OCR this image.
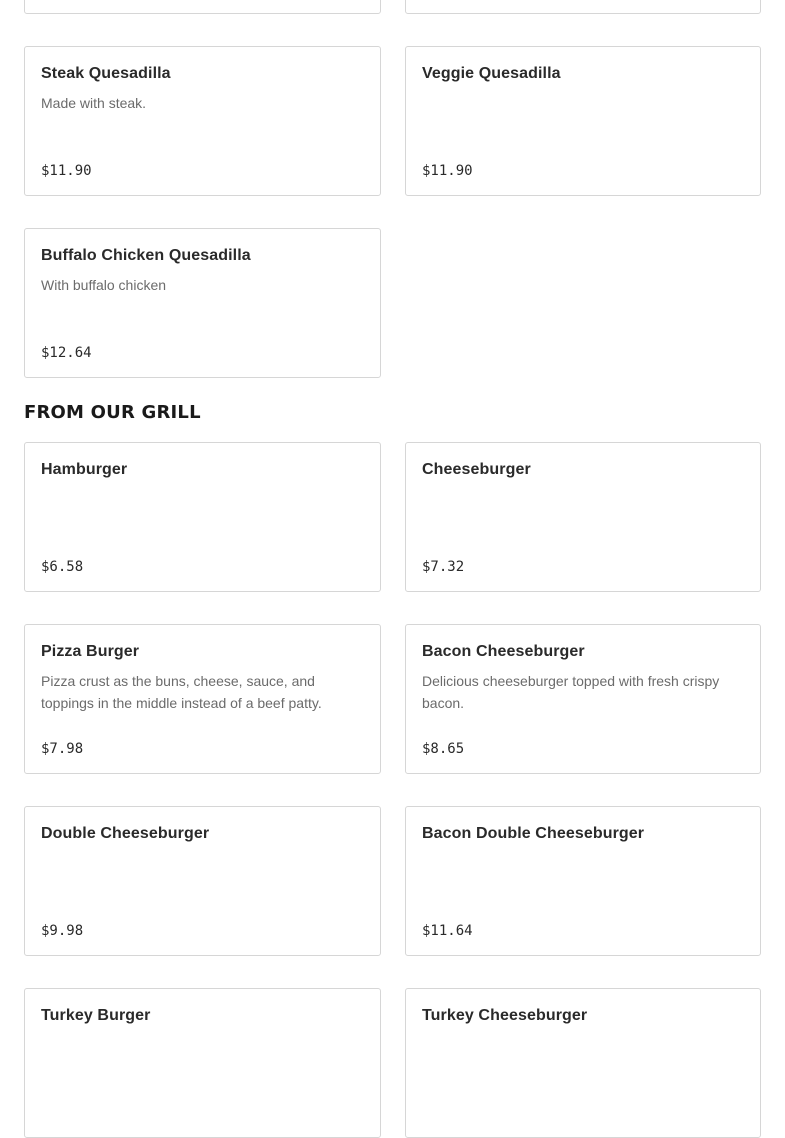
Steak Quesadilla
Made with steak.
$11.90
Veggie Quesadilla
$11.90
Buffalo Chicken Quesadilla
With buffalo chicken
$12.64
FROM OUR GRILL
Hamburger
$6.58
Cheeseburger
$7.32
Pizza Burger
Pizza crust as the buns, cheese, sauce, and toppings in the middle instead of a beef patty.
$7.98
Bacon Cheeseburger
Delicious cheeseburger topped with fresh crispy bacon.
$8.65
Double Cheeseburger
$9.98
Bacon Double Cheeseburger
$11.64
Turkey Burger	Turkey Cheeseburger
